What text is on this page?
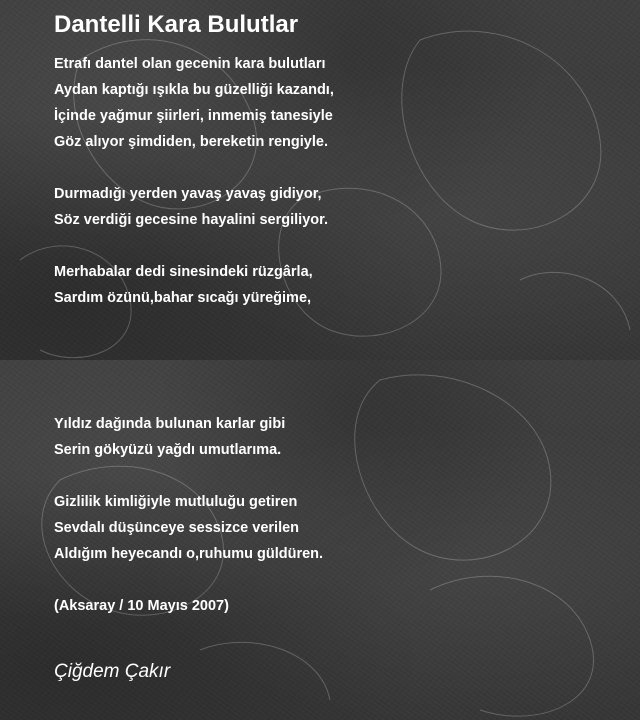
Dantelli Kara Bulutlar
Etrafı dantel olan gecenin kara bulutları
Aydan kaptığı ışıkla bu güzelliği kazandı,
İçinde yağmur şiirleri, inmemiş tanesiyle
Göz alıyor şimdiden, bereketin rengiyle.
Durmadığı yerden yavaş yavaş gidiyor,
Söz verdiği gecesine hayalini sergiliyor.
Merhabalar dedi sinesindeki rüzgârla,
Sardım özünü,bahar sıcağı yüreğime,
Yıldız dağında bulunan karlar gibi
Serin gökyüzü yağdı umutlarıma.
Gizlilik kimliğiyle mutluluğu getiren
Sevdalı düşünceye sessizce verilen
Aldığım heyecandı o,ruhumu güldüren.

(Aksaray / 10 Mayıs 2007)

Çiğdem Çakır
